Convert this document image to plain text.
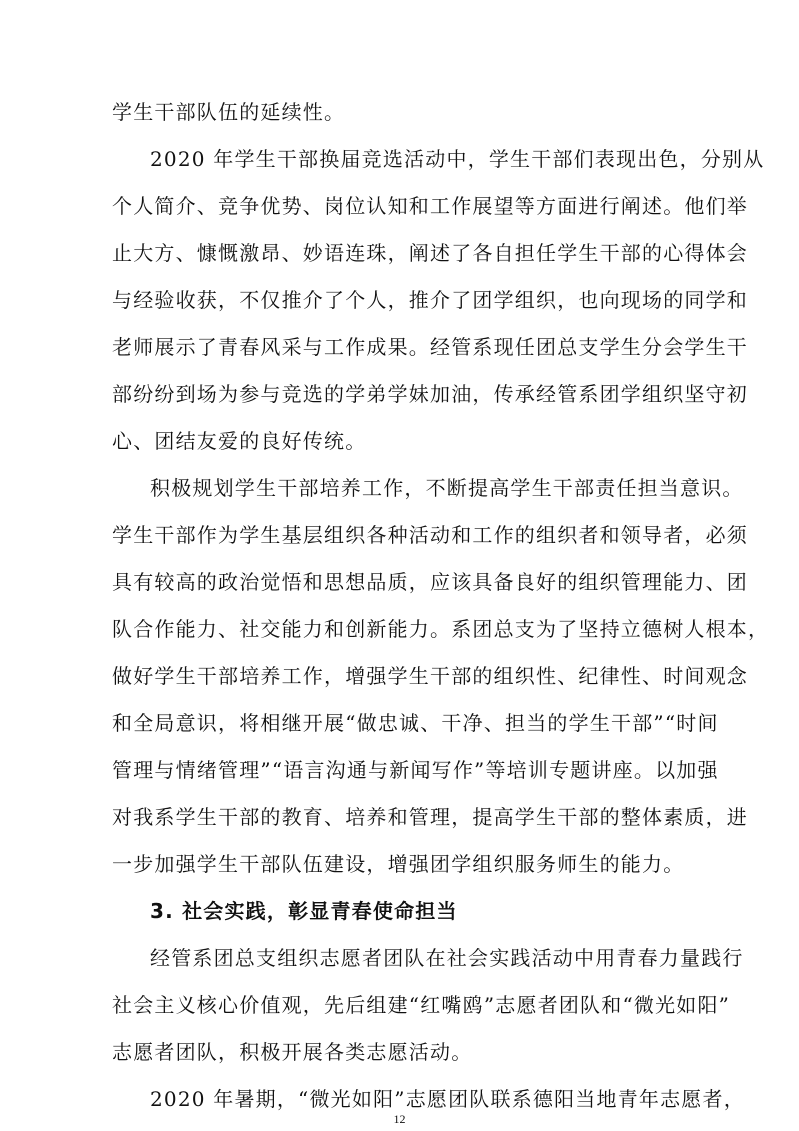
学生干部队伍的延续性。
2020 年学生干部换届竞选活动中，学生干部们表现出色，分别从
个人简介、竞争优势、岗位认知和工作展望等方面进行阐述。他们举
止大方、慷慨激昂、妙语连珠，阐述了各自担任学生干部的心得体会
与经验收获，不仅推介了个人，推介了团学组织，也向现场的同学和
老师展示了青春风采与工作成果。经管系现任团总支学生分会学生干
部纷纷到场为参与竞选的学弟学妹加油，传承经管系团学组织坚守初
心、团结友爱的良好传统。
积极规划学生干部培养工作，不断提高学生干部责任担当意识。
学生干部作为学生基层组织各种活动和工作的组织者和领导者，必须
具有较高的政治觉悟和思想品质，应该具备良好的组织管理能力、团
队合作能力、社交能力和创新能力。系团总支为了坚持立德树人根本，
做好学生干部培养工作，增强学生干部的组织性、纪律性、时间观念
和全局意识，将相继开展“做忠诚、干净、担当的学生干部”“时间
管理与情绪管理”“语言沟通与新闻写作”等培训专题讲座。以加强
对我系学生干部的教育、培养和管理，提高学生干部的整体素质，进
一步加强学生干部队伍建设，增强团学组织服务师生的能力。
3. 社会实践，彰显青春使命担当
经管系团总支组织志愿者团队在社会实践活动中用青春力量践行
社会主义核心价值观，先后组建“红嘴鸥”志愿者团队和“微光如阳”
志愿者团队，积极开展各类志愿活动。
2020 年暑期，“微光如阳”志愿团队联系德阳当地青年志愿者，
12
